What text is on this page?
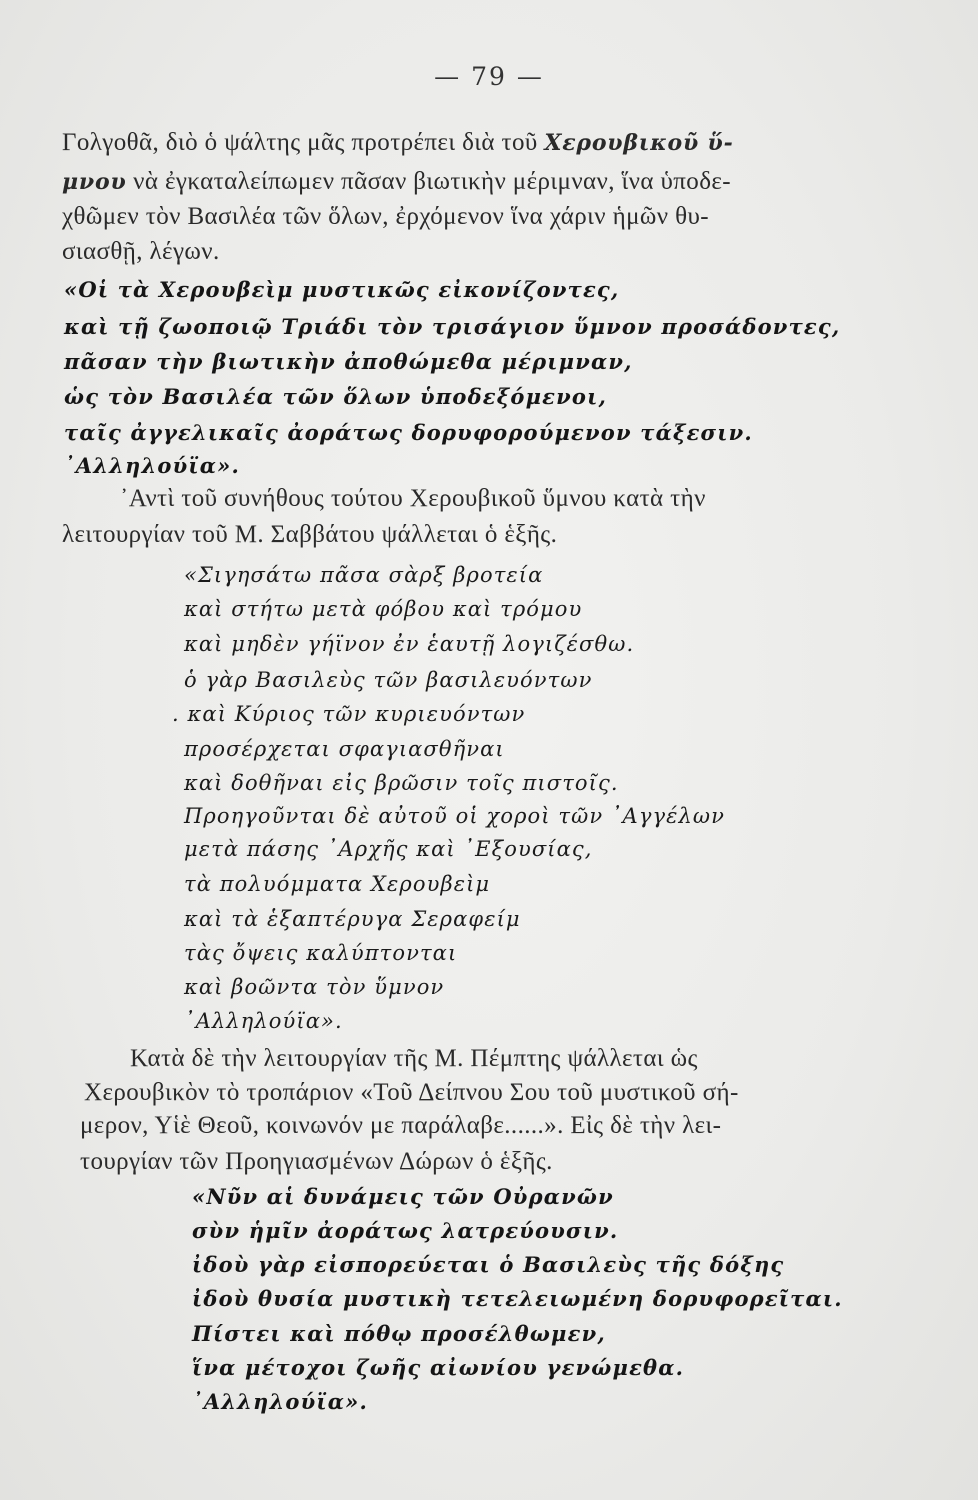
— 79 —
Γολγοθᾶ, διὸ ὁ ψάλτης μᾶς προτρέπει διὰ τοῦ Χερουβικοῦ ὕ-
μνου νὰ ἐγκαταλείπωμεν πᾶσαν βιωτικὴν μέριμναν, ἵνα ὑποδε-
χθῶμεν τὸν Βασιλέα τῶν ὅλων, ἐρχόμενον ἵνα χάριν ἡμῶν θυ-
σιασθῇ, λέγων.
«Οἱ τὰ Χερουβεὶμ μυστικῶς εἰκονίζοντες,
καὶ τῇ ζωοποιῷ Τριάδι τὸν τρισάγιον ὕμνον προσάδοντες,
πᾶσαν τὴν βιωτικὴν ἀποθώμεθα μέριμναν,
ὡς τὸν Βασιλέα τῶν ὅλων ὑποδεξόμενοι,
ταῖς ἀγγελικαῖς ἀοράτως δορυφορούμενον τάξεσιν.
᾿Αλληλούϊα».
᾿Αντὶ τοῦ συνήθους τούτου Χερουβικοῦ ὕμνου κατὰ τὴν
λειτουργίαν τοῦ Μ. Σαββάτου ψάλλεται ὁ ἑξῆς.
«Σιγησάτω πᾶσα σὰρξ βροτεία
καὶ στήτω μετὰ φόβου καὶ τρόμου
καὶ μηδὲν γήϊνον ἐν ἑαυτῇ λογιζέσθω.
ὁ γὰρ Βασιλεὺς τῶν βασιλευόντων
. καὶ Κύριος τῶν κυριευόντων
προσέρχεται σφαγιασθῆναι
καὶ δοθῆναι εἰς βρῶσιν τοῖς πιστοῖς.
Προηγοῦνται δὲ αὐτοῦ οἱ χοροὶ τῶν ᾿Αγγέλων
μετὰ πάσης ᾿Αρχῆς καὶ ᾿Εξουσίας,
τὰ πολυόμματα Χερουβεὶμ
καὶ τὰ ἑξαπτέρυγα Σεραφείμ
τὰς ὄψεις καλύπτονται
καὶ βοῶντα τὸν ὕμνον
᾿Αλληλούϊα».
Κατὰ δὲ τὴν λειτουργίαν τῆς Μ. Πέμπτης ψάλλεται ὡς
Χερουβικὸν τὸ τροπάριον «Τοῦ Δείπνου Σου τοῦ μυστικοῦ σή-
μερον, Υἱὲ Θεοῦ, κοινωνόν με παράλαβε......». Εἰς δὲ τὴν λει-
τουργίαν τῶν Προηγιασμένων Δώρων ὁ ἑξῆς.
«Νῦν αἱ δυνάμεις τῶν Οὐρανῶν
σὺν ἡμῖν ἀοράτως λατρεύουσιν.
ἰδοὺ γὰρ εἰσπορεύεται ὁ Βασιλεὺς τῆς δόξης
ἰδοὺ θυσία μυστικὴ τετελειωμένη δορυφορεῖται.
Πίστει καὶ πόθῳ προσέλθωμεν,
ἵνα μέτοχοι ζωῆς αἰωνίου γενώμεθα.
᾿Αλληλούϊα».
